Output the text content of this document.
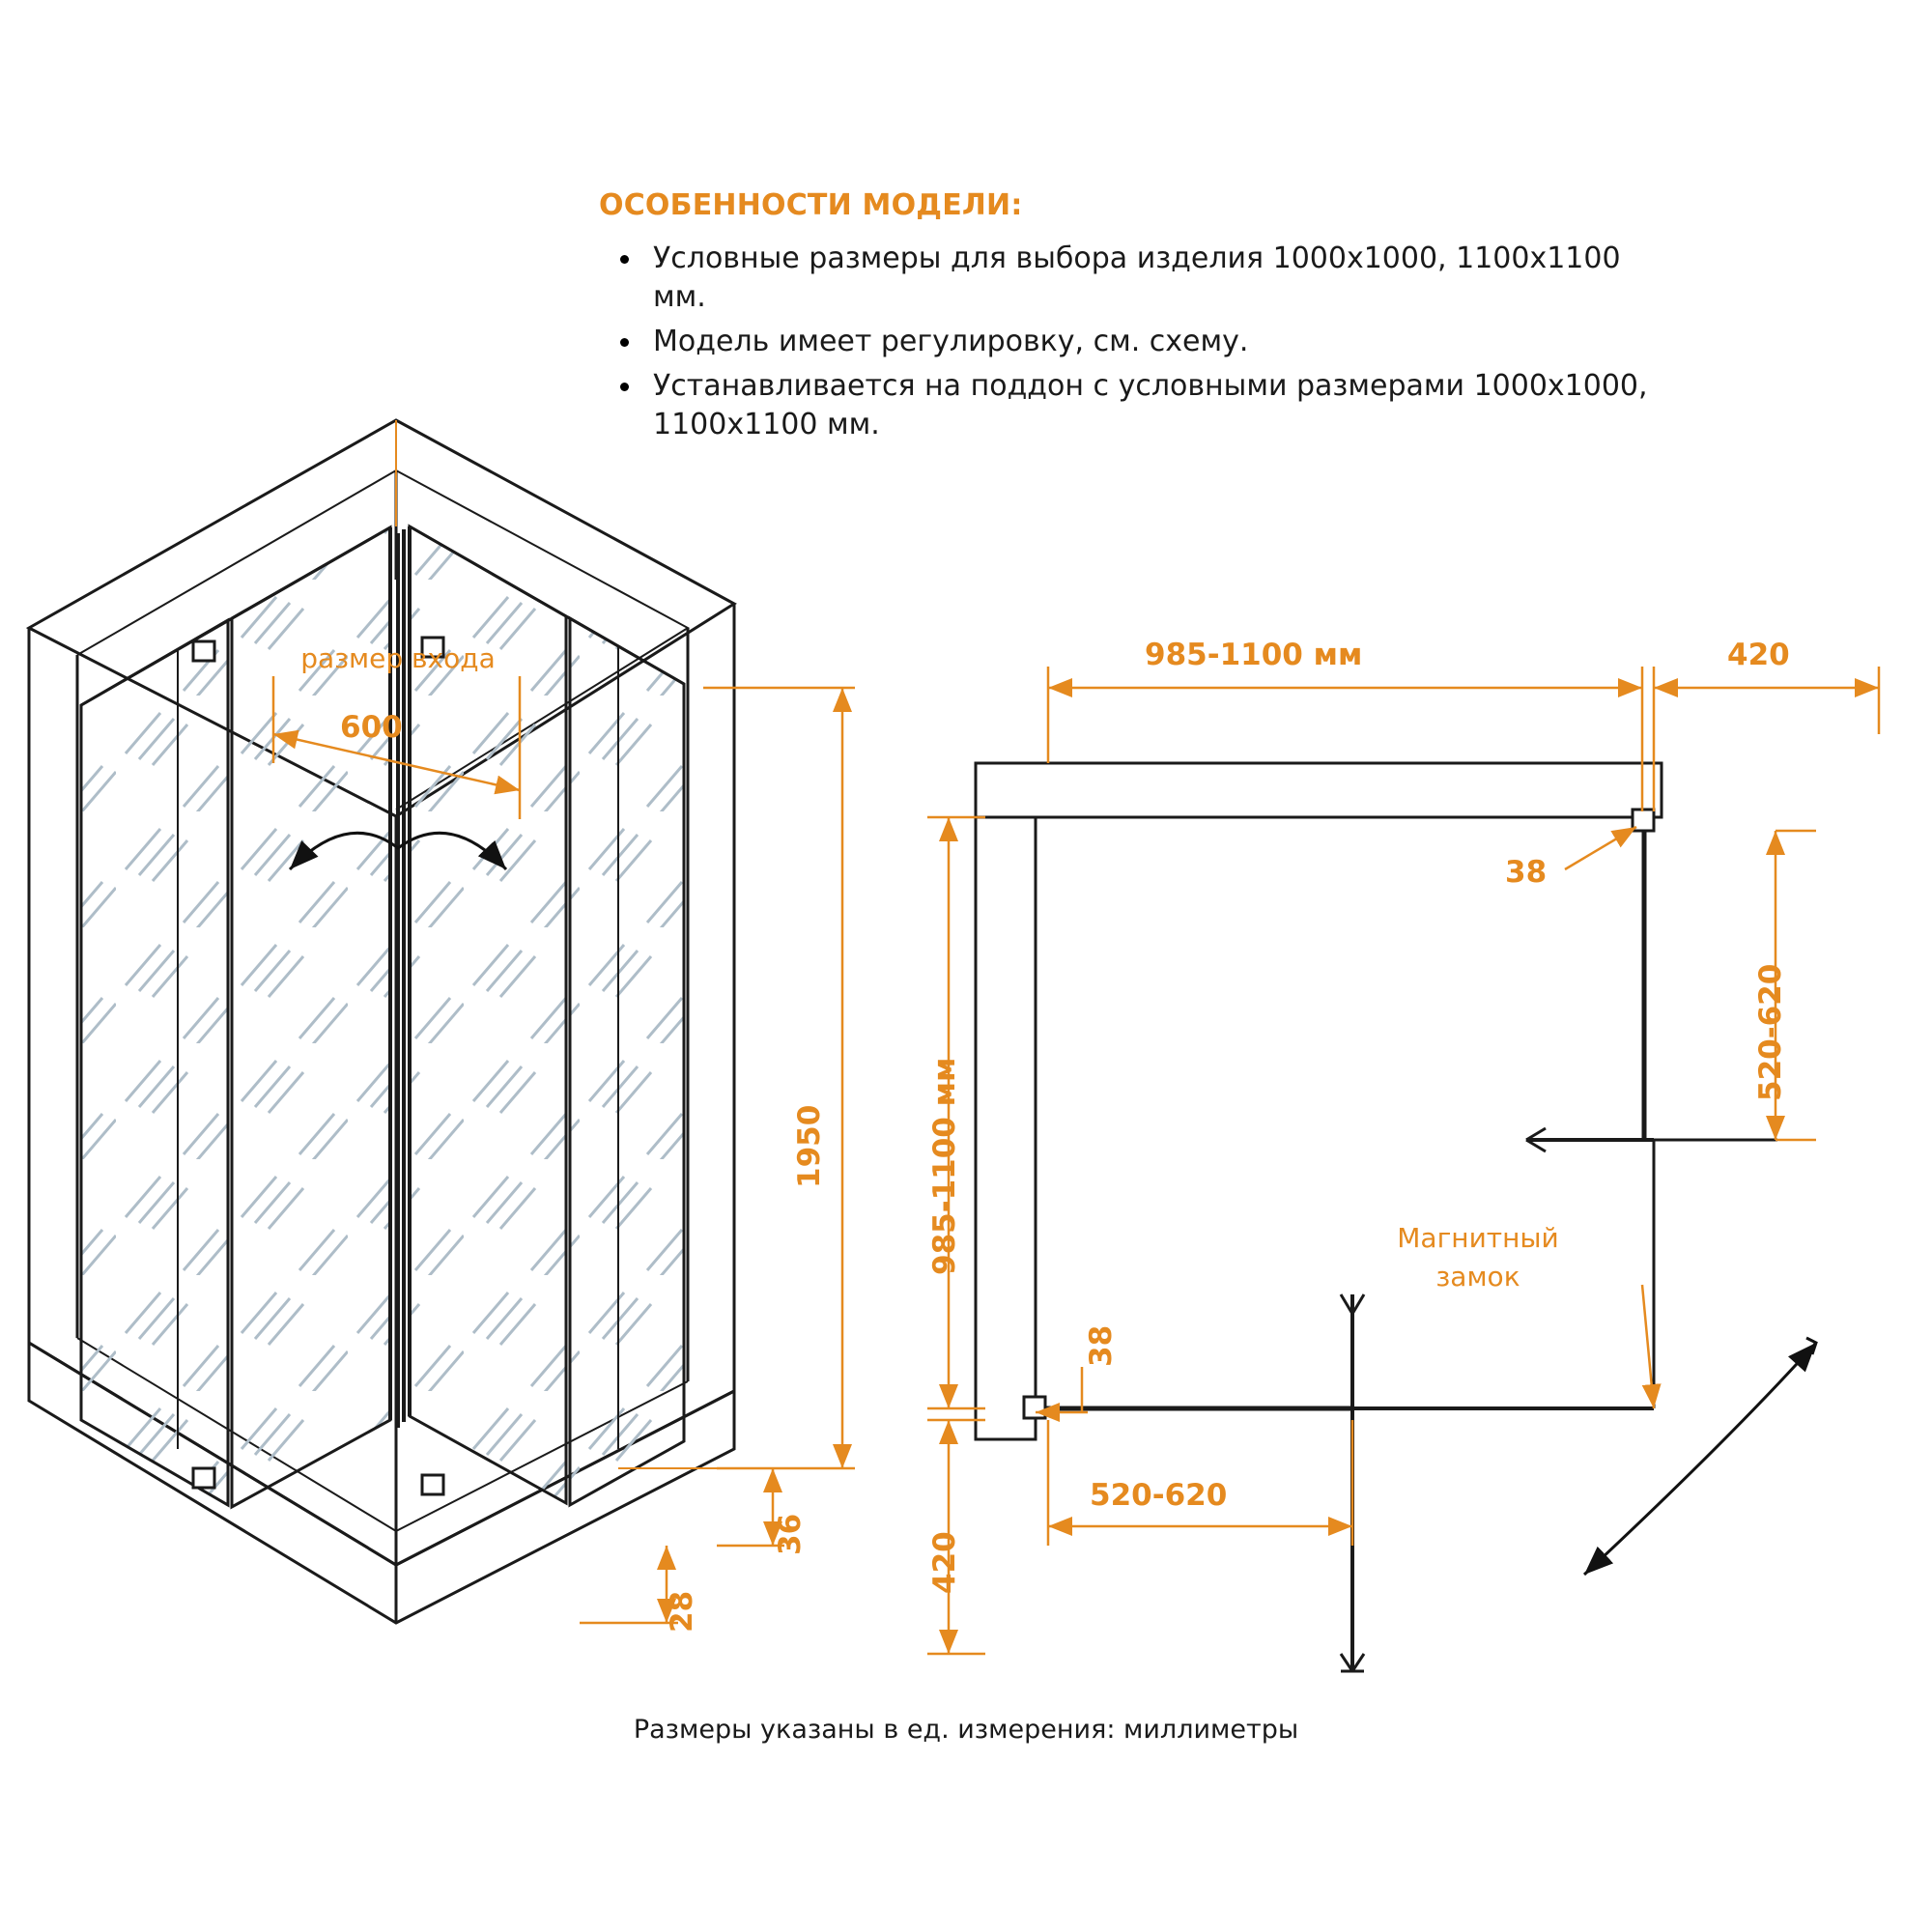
ОСОБЕННОСТИ МОДЕЛИ:
Условные размеры для выбора изделия 1000x1000, 1100x1100 мм.
Модель имеет регулировку, см. схему.
Устанавливается на поддон с условными размерами 1000x1000, 1100x1100 мм.
размер входа
600
1950
36
28
985-1100 мм	420
985-1100 мм
420
520-620
520-620
38
38
Магнитный
замок
Размеры указаны в ед. измерения: миллиметры
